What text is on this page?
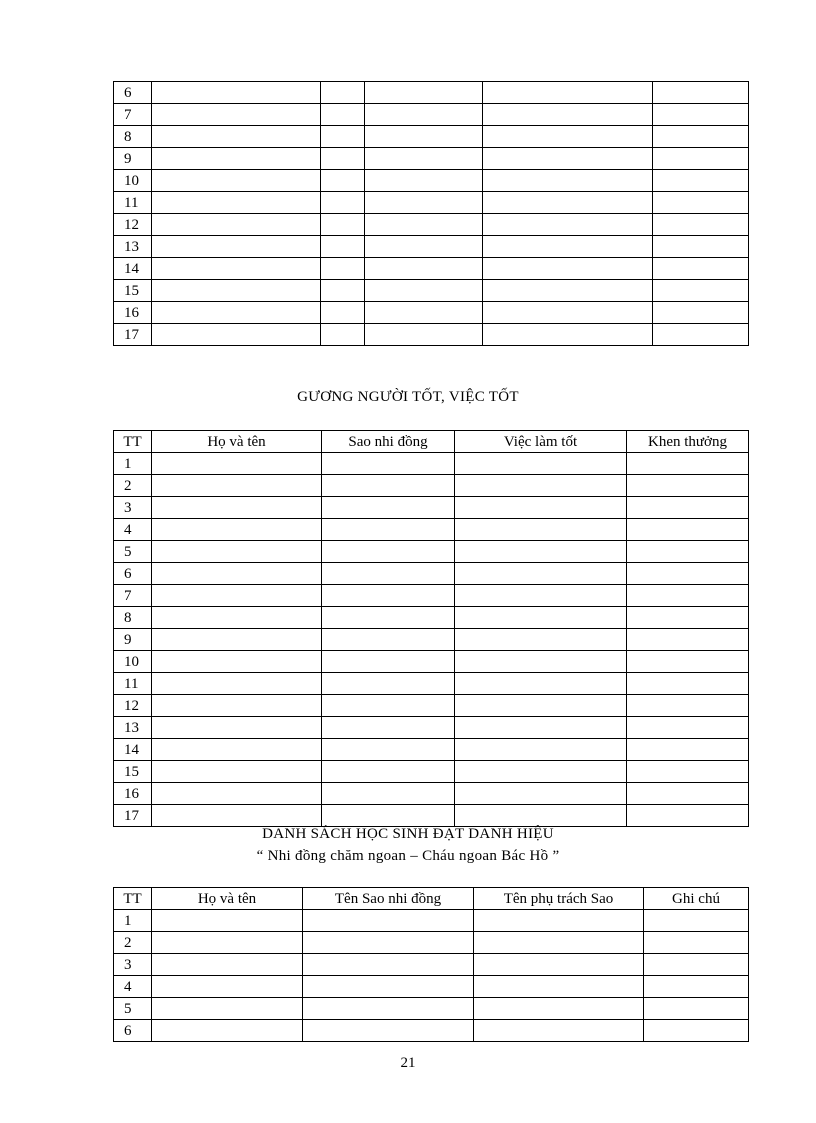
6					
7					
8					
9					
10					
11					
12					
13					
14					
15					
16					
17					
GƯƠNG NGƯỜI TỐT, VIỆC TỐT
TT	Họ và tên	Sao nhi đồng	Việc làm tốt	Khen thưởng
1				
2				
3				
4				
5				
6				
7				
8				
9				
10				
11				
12				
13				
14				
15				
16				
17				
DANH SÁCH HỌC SINH ĐẠT DANH HIỆU
“ Nhi đồng chăm ngoan – Cháu ngoan Bác Hồ ”
TT	Họ và tên	Tên Sao nhi đồng	Tên phụ trách Sao	Ghi chú
1				
2				
3				
4				
5				
6				
21
